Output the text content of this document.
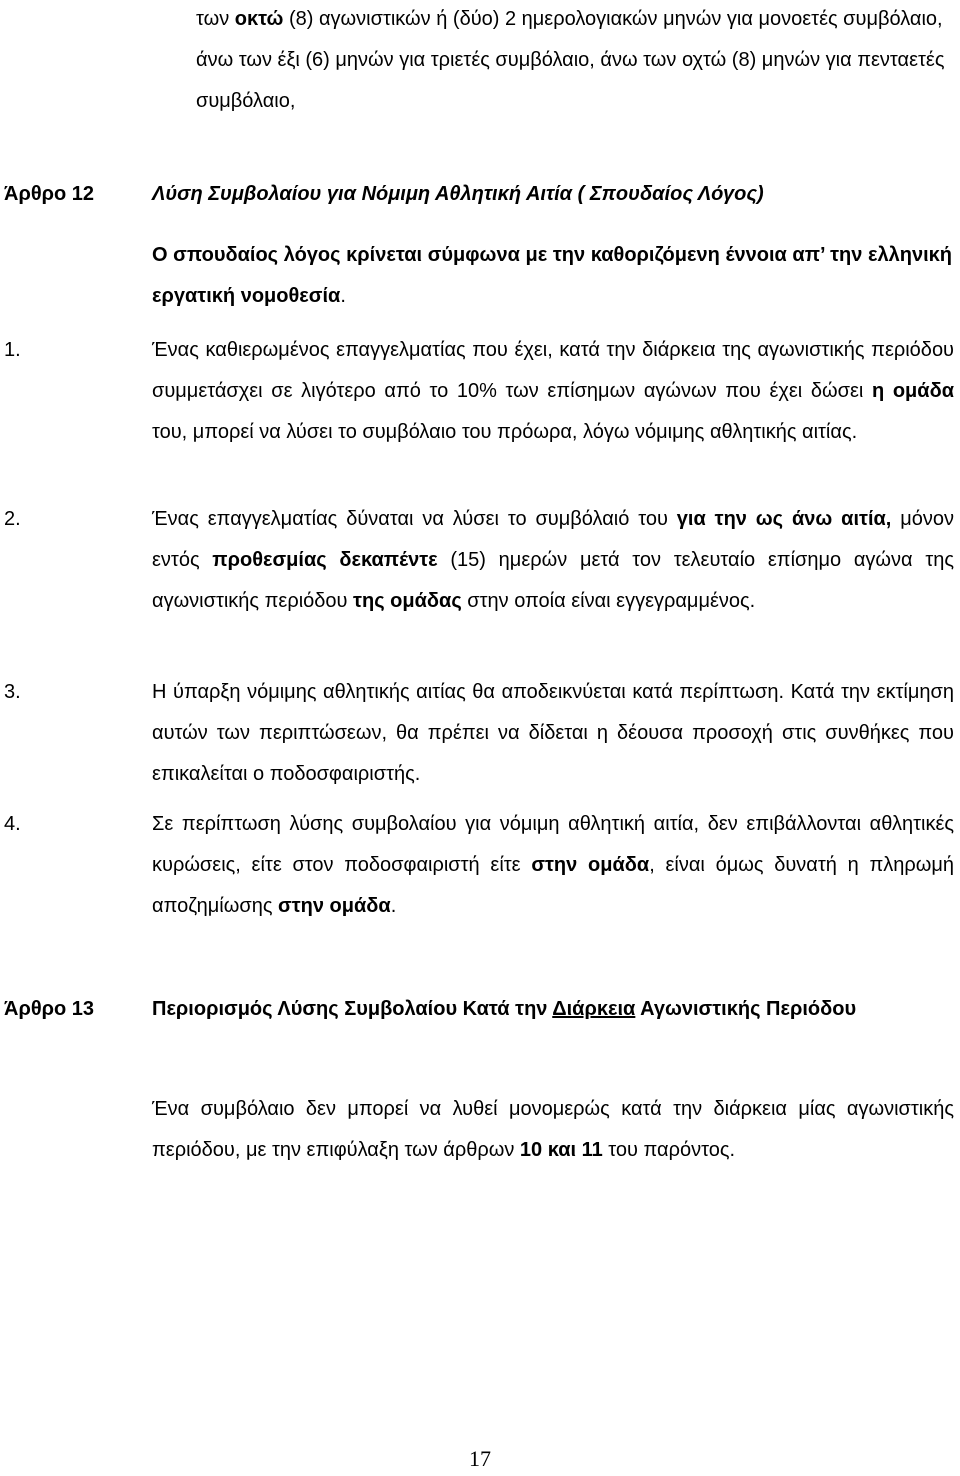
των οκτώ (8) αγωνιστικών ή (δύο) 2 ημερολογιακών μηνών για μονοετές συμβόλαιο, άνω των έξι (6) μηνών για τριετές συμβόλαιο, άνω των οχτώ (8) μηνών για πενταετές συμβόλαιο,

Άρθρο 12	Λύση Συμβολαίου για Νόμιμη Αθλητική Αιτία ( Σπουδαίος Λόγος)

Ο σπουδαίος λόγος κρίνεται σύμφωνα με την καθοριζόμενη έννοια απ’ την ελληνική εργατική νομοθεσία.

1.	Ένας καθιερωμένος επαγγελματίας που έχει, κατά την διάρκεια της αγωνιστικής περιόδου συμμετάσχει σε λιγότερο από το 10% των επίσημων αγώνων που έχει δώσει η ομάδα του, μπορεί να λύσει το συμβόλαιο του πρόωρα, λόγω νόμιμης αθλητικής αιτίας.

2.	Ένας επαγγελματίας δύναται να λύσει το συμβόλαιό του για την ως άνω αιτία, μόνον εντός προθεσμίας δεκαπέντε (15) ημερών μετά τον τελευταίο επίσημο αγώνα της αγωνιστικής περιόδου της ομάδας στην οποία είναι εγγεγραμμένος.

3.	Η ύπαρξη νόμιμης αθλητικής αιτίας θα αποδεικνύεται κατά περίπτωση. Κατά την εκτίμηση αυτών των περιπτώσεων, θα πρέπει να δίδεται η δέουσα προσοχή στις συνθήκες που επικαλείται ο ποδοσφαιριστής.

4.	Σε περίπτωση λύσης συμβολαίου για νόμιμη αθλητική αιτία, δεν επιβάλλονται αθλητικές κυρώσεις, είτε στον ποδοσφαιριστή είτε στην ομάδα, είναι όμως δυνατή η πληρωμή αποζημίωσης στην ομάδα.

Άρθρο 13	Περιορισμός Λύσης Συμβολαίου Κατά την Διάρκεια Αγωνιστικής Περιόδου

Ένα συμβόλαιο δεν μπορεί να λυθεί μονομερώς κατά την διάρκεια μίας αγωνιστικής περιόδου, με την επιφύλαξη των άρθρων 10 και 11 του παρόντος.

17
